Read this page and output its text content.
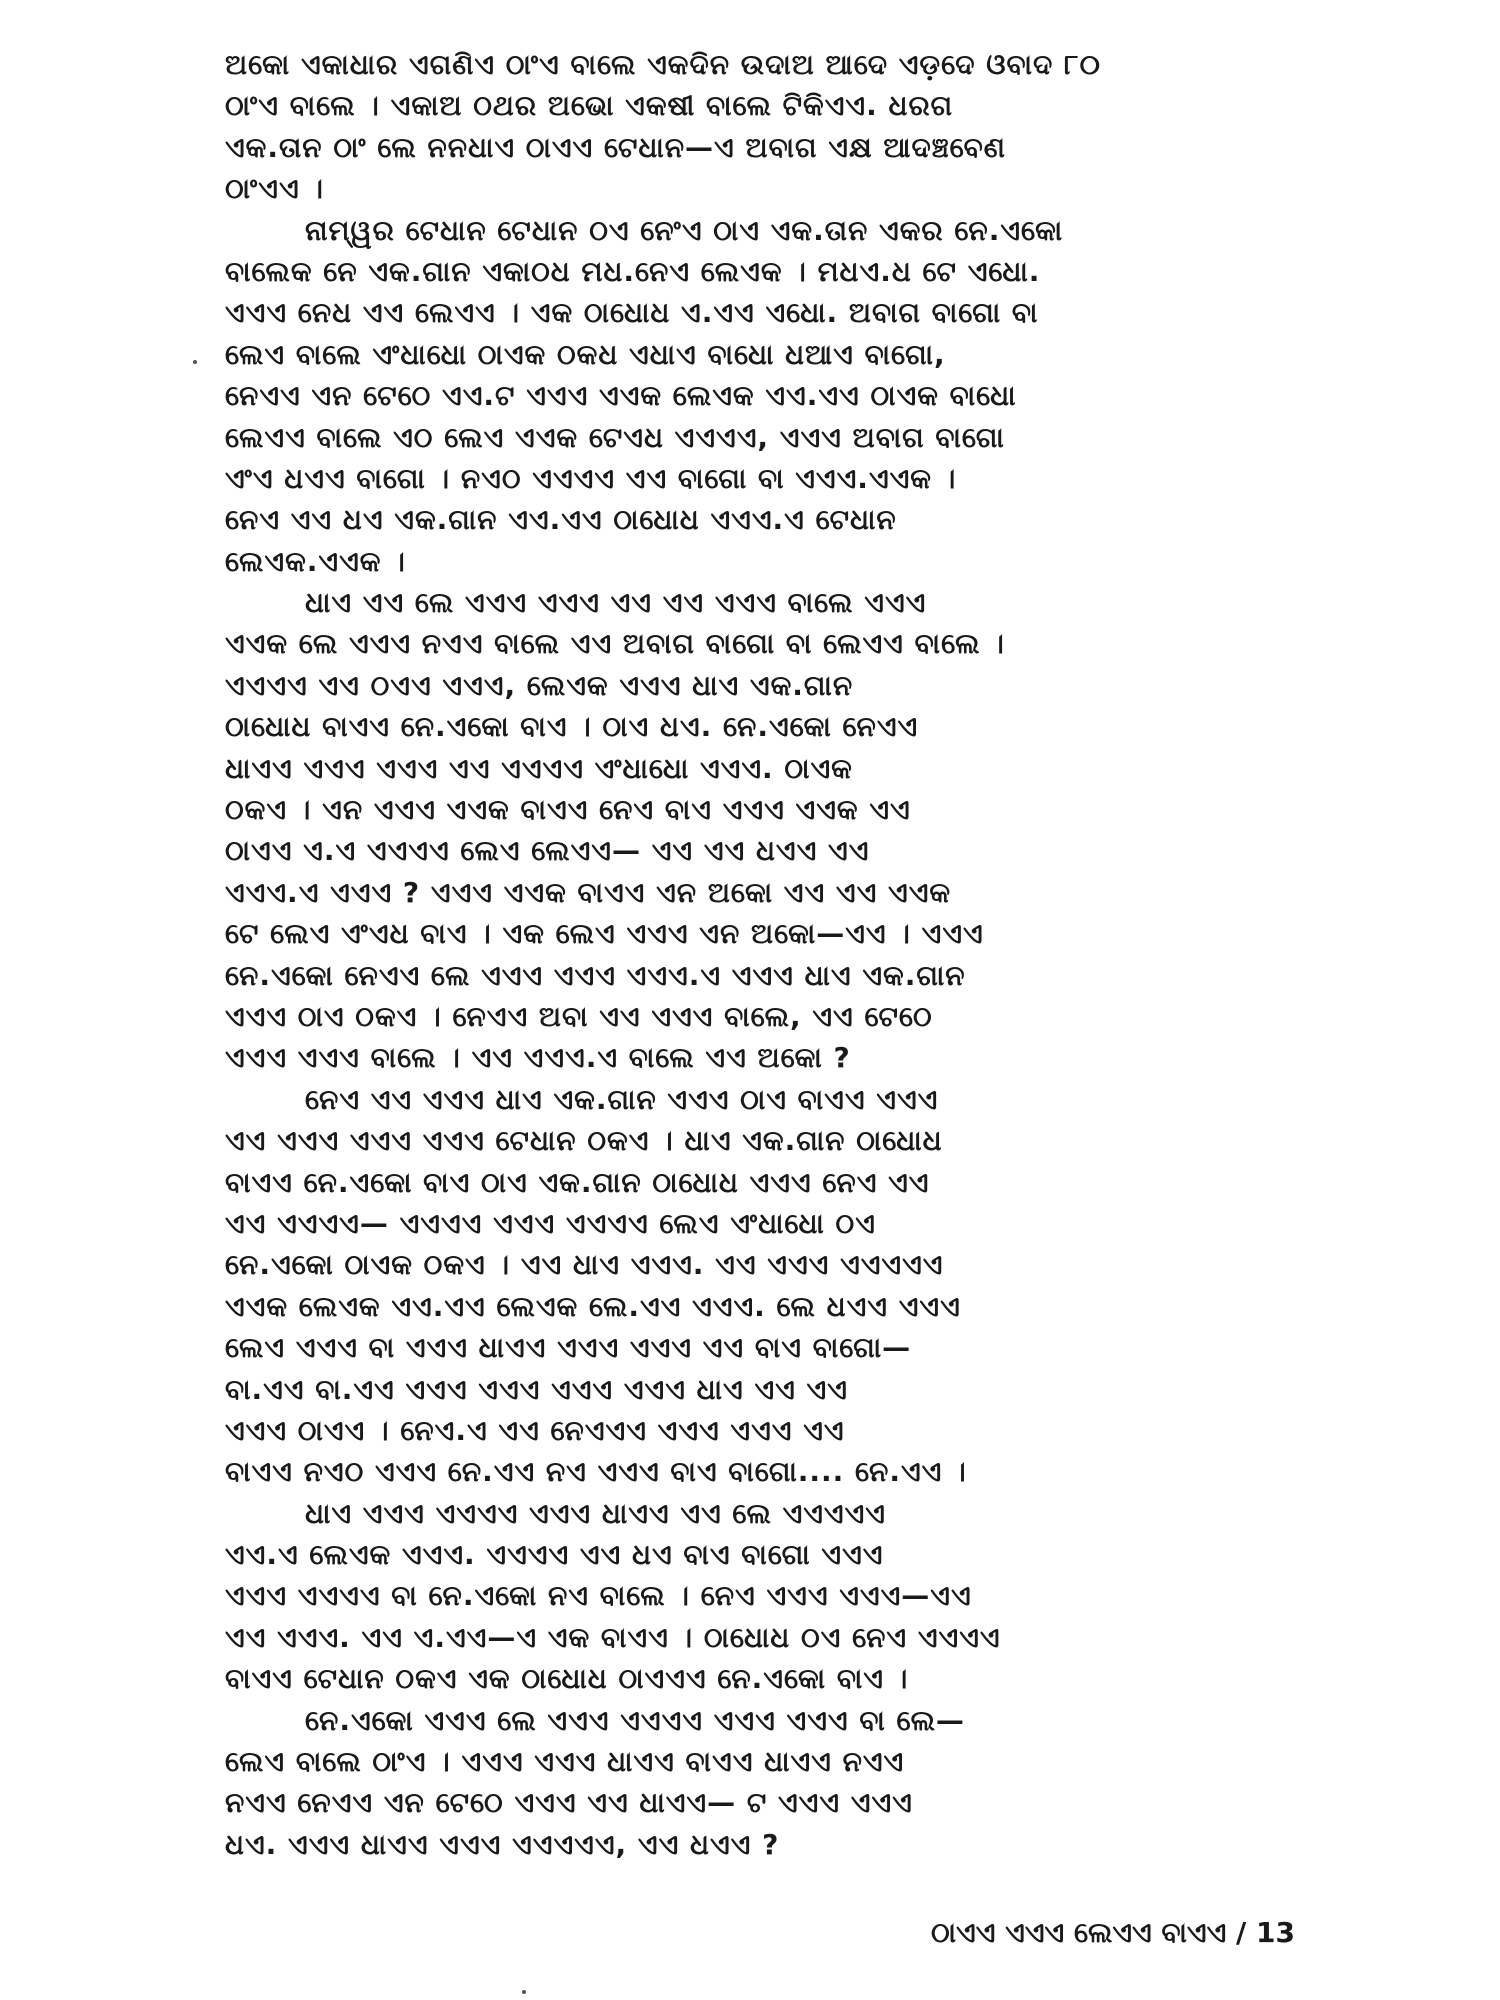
ଅକୋ ଏକାଧାର ଏଗଣିଏ ଠାଂଏ ବାଲେ ଏକଦିନ ଉଦାଅ ଆଦେ ଏଡ଼ଦେ ଓବାଦ ୮୦
ଠାଂଏ ବାଲେ । ଏକାଅ ଠଥର ଅଭୋ ଏକଷୀ ବାଲେ ଟିକିଏଏ. ଧରଗ
ଏକ.ତାନ ଠାଂ ଲେ ନନଧାଏ ଠାଏଏ ଟେଧାନ—ଏ ଅବାଗ ଏକ୍ଷ ଆଦଞ୍ଚବେଣ
ଠାଂଏଏ ।
ନାମ୍ୱର ଟେଧାନ ଟେଧାନ ଠଏ ନେଂଏ ଠାଏ ଏକ.ତାନ ଏକର ନେ.ଏକୋ
ବାଲେକ ନେ ଏକ.ଗାନ ଏକାଠଧ ମଧ.ନେଏ ଲେଏକ । ମଧଏ.ଧ ଟେ ଏଧୋ.
ଏଏଏ ନେଧ ଏଏ ଲେଏଏ । ଏକ ଠାଧୋଧ ଏ.ଏଏ ଏଧୋ. ଅବାଗ ବାଗୋ ବା
ଲେଏ ବାଲେ ଏଂଧାଧୋ ଠାଏକ ଠକଧ ଏଧାଏ ବାଧୋ ଧଆଏ ବାଗୋ,
ନେଏଏ ଏନ ଟେଠେ ଏଏ.ଟ ଏଏଏ ଏଏକ ଲେଏକ ଏଏ.ଏଏ ଠାଏକ ବାଧୋ
ଲେଏଏ ବାଲେ ଏଠ ଲେଏ ଏଏକ ଟେଏଧ ଏଏଏଏ, ଏଏଏ ଅବାଗ ବାଗୋ
ଏଂଏ ଧଏଏ ବାଗୋ । ନଏଠ ଏଏଏଏ ଏଏ ବାଗୋ ବା ଏଏଏ.ଏଏକ ।
ନେଏ ଏଏ ଧଏ ଏକ.ଗାନ ଏଏ.ଏଏ ଠାଧୋଧ ଏଏଏ.ଏ ଟେଧାନ
ଲେଏକ.ଏଏକ ।
ଧାଏ ଏଏ ଲେ ଏଏଏ ଏଏଏ ଏଏ ଏଏ ଏଏଏ ବାଲେ ଏଏଏ
ଏଏକ ଲେ ଏଏଏ ନଏଏ ବାଲେ ଏଏ ଅବାଗ ବାଗୋ ବା ଲେଏଏ ବାଲେ ।
ଏଏଏଏ ଏଏ ଠଏଏ ଏଏଏ, ଲେଏକ ଏଏଏ ଧାଏ ଏକ.ଗାନ
ଠାଧୋଧ ବାଏଏ ନେ.ଏକୋ ବାଏ । ଠାଏ ଧଏ. ନେ.ଏକୋ ନେଏଏ
ଧାଏଏ ଏଏଏ ଏଏଏ ଏଏ ଏଏଏଏ ଏଂଧାଧୋ ଏଏଏ. ଠାଏକ
ଠକଏ । ଏନ ଏଏଏ ଏଏକ ବାଏଏ ନେଏ ବାଏ ଏଏଏ ଏଏକ ଏଏ
ଠାଏଏ ଏ.ଏ ଏଏଏଏ ଲେଏ ଲେଏଏ— ଏଏ ଏଏ ଧଏଏ ଏଏ
ଏଏଏ.ଏ ଏଏଏ ? ଏଏଏ ଏଏକ ବାଏଏ ଏନ ଅକୋ ଏଏ ଏଏ ଏଏକ
ଟେ ଲେଏ ଏଂଏଧ ବାଏ । ଏକ ଲେଏ ଏଏଏ ଏନ ଅକୋ—ଏଏ । ଏଏଏ
ନେ.ଏକୋ ନେଏଏ ଲେ ଏଏଏ ଏଏଏ ଏଏଏ.ଏ ଏଏଏ ଧାଏ ଏକ.ଗାନ
ଏଏଏ ଠାଏ ଠକଏ । ନେଏଏ ଅବା ଏଏ ଏଏଏ ବାଲେ, ଏଏ ଟେଠେ
ଏଏଏ ଏଏଏ ବାଲେ । ଏଏ ଏଏଏ.ଏ ବାଲେ ଏଏ ଅକୋ ?
ନେଏ ଏଏ ଏଏଏ ଧାଏ ଏକ.ଗାନ ଏଏଏ ଠାଏ ବାଏଏ ଏଏଏ
ଏଏ ଏଏଏ ଏଏଏ ଏଏଏ ଟେଧାନ ଠକଏ । ଧାଏ ଏକ.ଗାନ ଠାଧୋଧ
ବାଏଏ ନେ.ଏକୋ ବାଏ ଠାଏ ଏକ.ଗାନ ଠାଧୋଧ ଏଏଏ ନେଏ ଏଏ
ଏଏ ଏଏଏଏ— ଏଏଏଏ ଏଏଏ ଏଏଏଏ ଲେଏ ଏଂଧାଧୋ ଠଏ
ନେ.ଏକୋ ଠାଏକ ଠକଏ । ଏଏ ଧାଏ ଏଏଏ. ଏଏ ଏଏଏ ଏଏଏଏଏ
ଏଏକ ଲେଏକ ଏଏ.ଏଏ ଲେଏକ ଲେ.ଏଏ ଏଏଏ. ଲେ ଧଏଏ ଏଏଏ
ଲେଏ ଏଏଏ ବା ଏଏଏ ଧାଏଏ ଏଏଏ ଏଏଏ ଏଏ ବାଏ ବାଗୋ—
ବା.ଏଏ ବା.ଏଏ ଏଏଏ ଏଏଏ ଏଏଏ ଏଏଏ ଧାଏ ଏଏ ଏଏ
ଏଏଏ ଠାଏଏ । ନେଏ.ଏ ଏଏ ନେଏଏଏ ଏଏଏ ଏଏଏ ଏଏ
ବାଏଏ ନଏଠ ଏଏଏ ନେ.ଏଏ ନଏ ଏଏଏ ବାଏ ବାଗୋ.... ନେ.ଏଏ ।
ଧାଏ ଏଏଏ ଏଏଏଏ ଏଏଏ ଧାଏଏ ଏଏ ଲେ ଏଏଏଏଏ
ଏଏ.ଏ ଲେଏକ ଏଏଏ. ଏଏଏଏ ଏଏ ଧଏ ବାଏ ବାଗୋ ଏଏଏ
ଏଏଏ ଏଏଏଏ ବା ନେ.ଏକୋ ନଏ ବାଲେ । ନେଏ ଏଏଏ ଏଏଏ—ଏଏ
ଏଏ ଏଏଏ. ଏଏ ଏ.ଏଏ—ଏ ଏକ ବାଏଏ । ଠାଧୋଧ ଠଏ ନେଏ ଏଏଏଏ
ବାଏଏ ଟେଧାନ ଠକଏ ଏକ ଠାଧୋଧ ଠାଏଏଏ ନେ.ଏକୋ ବାଏ ।
ନେ.ଏକୋ ଏଏଏ ଲେ ଏଏଏ ଏଏଏଏ ଏଏଏ ଏଏଏ ବା ଲେ—
ଲେଏ ବାଲେ ଠାଂଏ । ଏଏଏ ଏଏଏ ଧାଏଏ ବାଏଏ ଧାଏଏ ନଏଏ
ନଏଏ ନେଏଏ ଏନ ଟେଠେ ଏଏଏ ଏଏ ଧାଏଏ— ଟ ଏଏଏ ଏଏଏ
ଧଏ. ଏଏଏ ଧାଏଏ ଏଏଏ ଏଏଏଏଏ, ଏଏ ଧଏଏ ?
ଠାଏଏ ଏଏଏ ଲେଏଏ ବାଏଏ / 13
